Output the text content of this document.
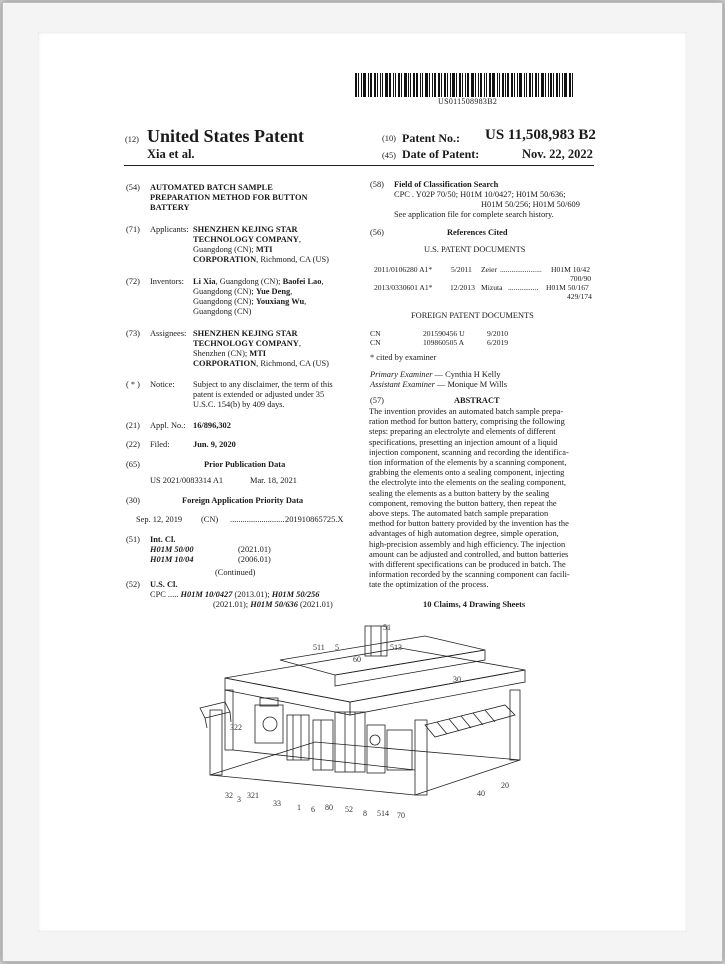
US011508983B2
(12) United States Patent
Xia et al.
(10) Patent No.: US 11,508,983 B2
(45) Date of Patent:	Nov. 22, 2022
(54) AUTOMATED BATCH SAMPLE
PREPARATION METHOD FOR BUTTON
BATTERY
(71) Applicants: SHENZHEN KEJING STAR
TECHNOLOGY COMPANY,
Guangdong (CN); MTI
CORPORATION, Richmond, CA (US)
(72) Inventors: Li Xia, Guangdong (CN); Baofei Lao,
Guangdong (CN); Yue Deng,
Guangdong (CN); Youxiang Wu,
Guangdong (CN)
(73) Assignees: SHENZHEN KEJING STAR
TECHNOLOGY COMPANY,
Shenzhen (CN); MTI
CORPORATION, Richmond, CA (US)
( * ) Notice: Subject to any disclaimer, the term of this
patent is extended or adjusted under 35
U.S.C. 154(b) by 409 days.
(21) Appl. No.: 16/896,302
(22) Filed:	Jun. 9, 2020
(65)	Prior Publication Data
US 2021/0083314 A1	Mar. 18, 2021
(30)	Foreign Application Priority Data
Sep. 12, 2019 (CN) .......................... 201910865725.X
(51) Int. Cl.
H01M 50/00	(2021.01)
H01M 10/04	(2006.01)
(Continued)
(52) U.S. Cl.
CPC ..... H01M 10/0427 (2013.01); H01M 50/256
(2021.01); H01M 50/636 (2021.01)
(58) Field of Classification Search
CPC . Y02P 70/50; H01M 10/0427; H01M 50/636;
H01M 50/256; H01M 50/609
See application file for complete search history.
(56)	References Cited
U.S. PATENT DOCUMENTS
2011/0106280 A1* 5/2011 Zeier ...................... H01M 10/42
700/90
2013/0330601 A1* 12/2013 Mizuta ................ H01M 50/167
429/174
FOREIGN PATENT DOCUMENTS
CN	201590456 U	9/2010
CN	109860505 A	6/2019
* cited by examiner
Primary Examiner — Cynthia H Kelly
Assistant Examiner — Monique M Wills
(57)	ABSTRACT
The invention provides an automated batch sample prepa-
ration method for button battery, comprising the following
steps: preparing an electrolyte and elements of different
specifications, presetting an injection amount of a liquid
injection component, scanning and recording the identifica-
tion information of the elements by a scanning component,
grabbing the elements onto a sealing component, injecting
the electrolyte into the elements on the sealing component,
sealing the elements as a button battery by the sealing
component, removing the button battery, then repeat the
above steps. The automated batch sample preparation
method for button battery provided by the invention has the
advantages of high automation degree, simple operation,
high-precision assembly and high efficiency. The injection
amount can be adjusted and controlled, and button batteries
with different specifications can be produced in batch. The
information recorded by the scanning component can facili-
tate the optimization of the process.
10 Claims, 4 Drawing Sheets
51
511 5
60
513
30
322
32 3 321
33 1 6 80 52 8 514 70
40
20
